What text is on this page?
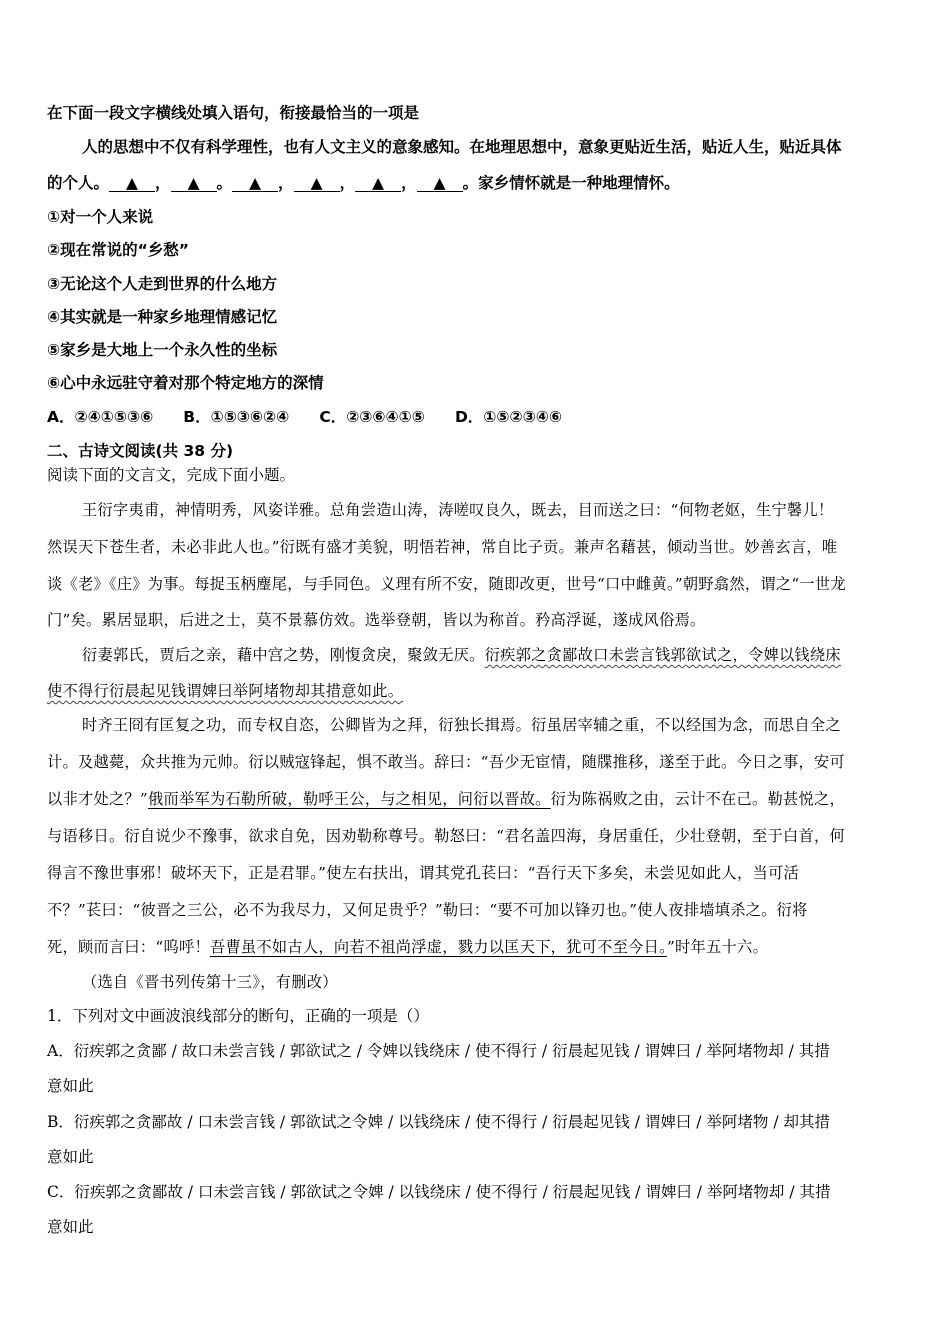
在下面一段文字横线处填入语句，衔接最恰当的一项是
人的思想中不仅有科学理性，也有人文主义的意象感知。在地理思想中，意象更贴近生活，贴近人生，贴近具体
的个人。 ▲ ， ▲ 。 ▲ ， ▲ ， ▲ ， ▲ 。家乡情怀就是一种地理情怀。
①对一个人来说
②现在常说的“乡愁”
③无论这个人走到世界的什么地方
④其实就是一种家乡地理情感记忆
⑤家乡是大地上一个永久性的坐标
⑥心中永远驻守着对那个特定地方的深情
A．②④①⑤③⑥ B．①⑤③⑥②④ C．②③⑥④①⑤ D．①⑤②③④⑥
二、古诗文阅读(共 38 分)
阅读下面的文言文，完成下面小题。
王衍字夷甫，神情明秀，风姿详雅。总角尝造山涛，涛嗟叹良久，既去，目而送之曰：“何物老妪，生宁馨儿！
然误天下苍生者，未必非此人也。”衍既有盛才美貌，明悟若神，常自比子贡。兼声名藉甚，倾动当世。妙善玄言，唯
谈《老》《庄》为事。每捉玉柄麈尾，与手同色。义理有所不安，随即改更，世号“口中雌黄。”朝野翕然，谓之“一世龙
门”矣。累居显职，后进之士，莫不景慕仿效。选举登朝，皆以为称首。矜高浮诞，遂成风俗焉。
衍妻郭氏，贾后之亲，藉中宫之势，刚愎贪戾，聚敛无厌。衍疾郭之贪鄙故口未尝言钱郭欲试之，令婢以钱绕床
使不得行衍晨起见钱谓婢曰举阿堵物却其措意如此。
时齐王冏有匡复之功，而专权自恣，公卿皆为之拜，衍独长揖焉。衍虽居宰辅之重，不以经国为念，而思自全之
计。及越薨，众共推为元帅。衍以贼寇锋起，惧不敢当。辞曰：“吾少无宦情，随牒推移，遂至于此。今日之事，安可
以非才处之？”俄而举军为石勒所破，勒呼王公，与之相见，问衍以晋故。衍为陈祸败之由，云计不在己。勒甚悦之，
与语移日。衍自说少不豫事，欲求自免，因劝勒称尊号。勒怒曰：“君名盖四海，身居重任，少壮登朝，至于白首，何
得言不豫世事邪！破坏天下，正是君罪。”使左右扶出，谓其党孔苌曰：“吾行天下多矣，未尝见如此人，当可活
不？”苌曰：“彼晋之三公，必不为我尽力，又何足贵乎？”勒曰：“要不可加以锋刃也。”使人夜排墙填杀之。衍将
死，顾而言曰：“呜呼！吾曹虽不如古人，向若不祖尚浮虚，戮力以匡天下，犹可不至今日。”时年五十六。
（选自《晋书列传第十三》，有删改）
1．下列对文中画波浪线部分的断句，正确的一项是（）
A．衍疾郭之贪鄙 / 故口未尝言钱 / 郭欲试之 / 令婢以钱绕床 / 使不得行 / 衍晨起见钱 / 谓婢曰 / 举阿堵物却 / 其措
意如此
B．衍疾郭之贪鄙故 / 口未尝言钱 / 郭欲试之令婢 / 以钱绕床 / 使不得行 / 衍晨起见钱 / 谓婢曰 / 举阿堵物 / 却其措
意如此
C．衍疾郭之贪鄙故 / 口未尝言钱 / 郭欲试之令婢 / 以钱绕床 / 使不得行 / 衍晨起见钱 / 谓婢曰 / 举阿堵物却 / 其措
意如此
